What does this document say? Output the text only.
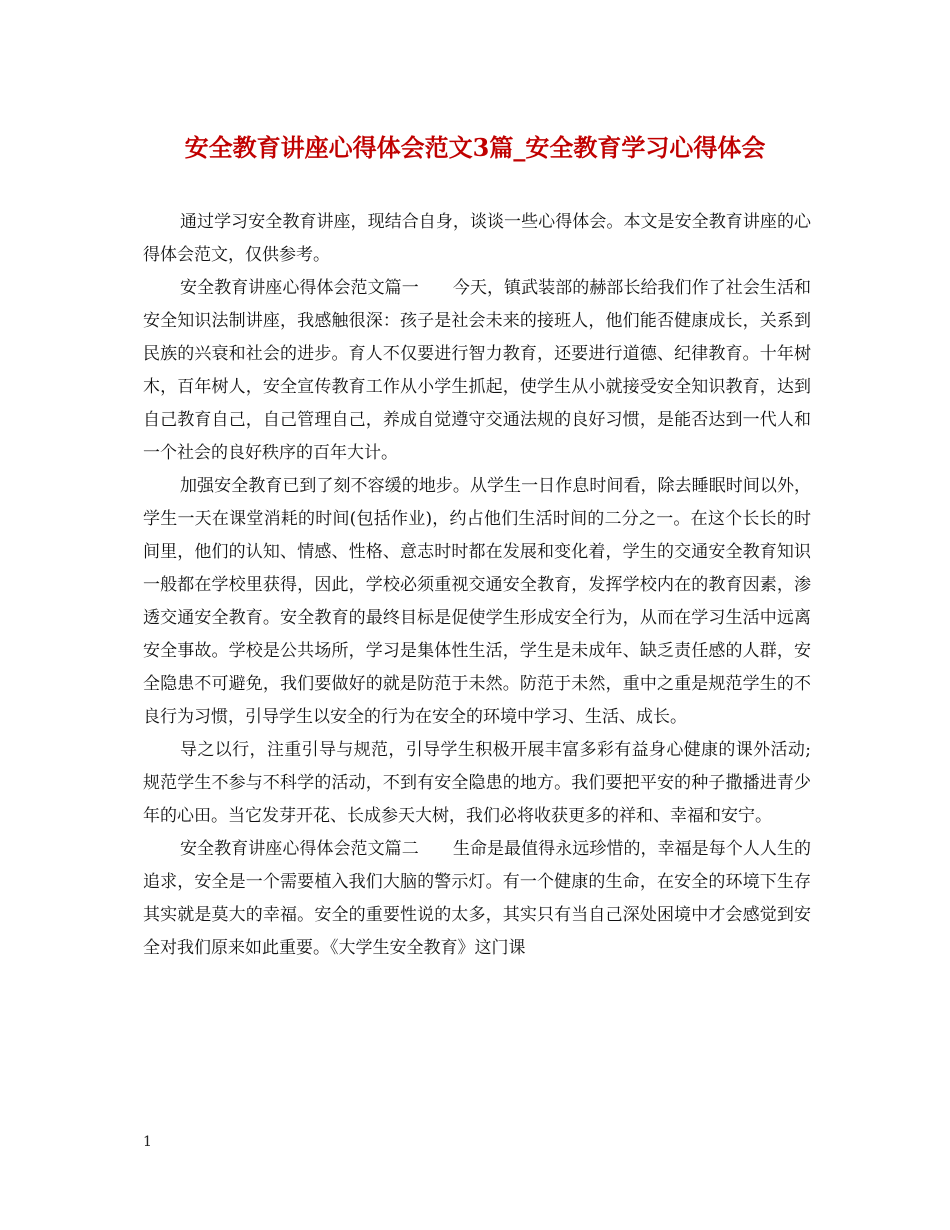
安全教育讲座心得体会范文3篇_安全教育学习心得体会

通过学习安全教育讲座，现结合自身，谈谈一些心得体会。本文是安全教育讲座的心得体会范文，仅供参考。

安全教育讲座心得体会范文篇一　　今天，镇武装部的赫部长给我们作了社会生活和安全知识法制讲座，我感触很深：孩子是社会未来的接班人，他们能否健康成长，关系到民族的兴衰和社会的进步。育人不仅要进行智力教育，还要进行道德、纪律教育。十年树木，百年树人，安全宣传教育工作从小学生抓起，使学生从小就接受安全知识教育，达到自己教育自己，自己管理自己，养成自觉遵守交通法规的良好习惯，是能否达到一代人和一个社会的良好秩序的百年大计。

加强安全教育已到了刻不容缓的地步。从学生一日作息时间看，除去睡眠时间以外，学生一天在课堂消耗的时间(包括作业)，约占他们生活时间的二分之一。在这个长长的时间里，他们的认知、情感、性格、意志时时都在发展和变化着，学生的交通安全教育知识一般都在学校里获得，因此，学校必须重视交通安全教育，发挥学校内在的教育因素，渗透交通安全教育。安全教育的最终目标是促使学生形成安全行为，从而在学习生活中远离安全事故。学校是公共场所，学习是集体性生活，学生是未成年、缺乏责任感的人群，安全隐患不可避免，我们要做好的就是防范于未然。防范于未然，重中之重是规范学生的不良行为习惯，引导学生以安全的行为在安全的环境中学习、生活、成长。

导之以行，注重引导与规范，引导学生积极开展丰富多彩有益身心健康的课外活动;规范学生不参与不科学的活动，不到有安全隐患的地方。我们要把平安的种子撒播进青少年的心田。当它发芽开花、长成参天大树，我们必将收获更多的祥和、幸福和安宁。

安全教育讲座心得体会范文篇二　　生命是最值得永远珍惜的，幸福是每个人人生的追求，安全是一个需要植入我们大脑的警示灯。有一个健康的生命，在安全的环境下生存其实就是莫大的幸福。安全的重要性说的太多，其实只有当自己深处困境中才会感觉到安全对我们原来如此重要。《大学生安全教育》这门课

1
